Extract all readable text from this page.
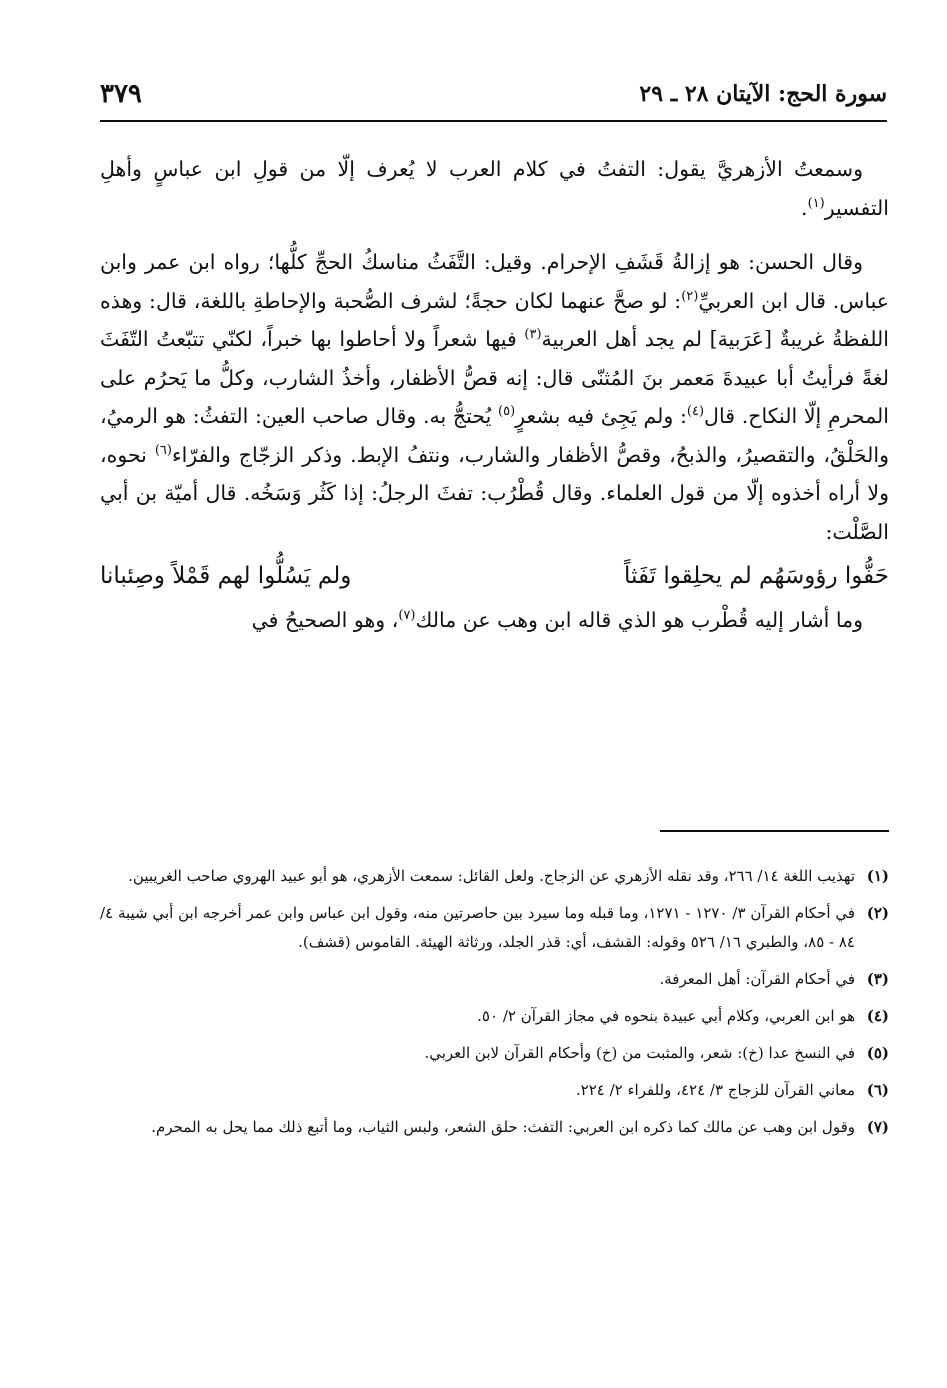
سورة الحج: الآيتان ٢٨ ـ ٢٩
٣٧٩

وسمعتُ الأزهريَّ يقول: التفتُ في كلام العرب لا يُعرف إلّا من قولِ ابن عباسٍ وأهلِ التفسير$^{(١)}$.

وقال الحسن: هو إزالةُ قَشَفِ الإحرام. وقيل: التَّفَثُ مناسكُ الحجِّ كلُّها؛ رواه ابن عمر وابن عباس. قال ابن العربيِّ$^{(٢)}$: لو صحَّ عنهما لكان حجةً؛ لشرف الصُّحبة والإحاطةِ باللغة، قال: وهذه اللفظةُ غريبةٌ [عَرَبية] لم يجد أهل العربية$^{(٣)}$ فيها شعراً ولا أحاطوا بها خبراً، لكنّي تتبّعتُ التّفَثَ لغةً فرأيتُ أبا عبيدةَ مَعمر بنَ المُثنّى قال: إنه قصُّ الأظفار، وأخذُ الشارب، وكلُّ ما يَحرُم على المحرمِ إلّا النكاح. قال$^{(٤)}$: ولم يَجِئ فيه بشعرٍ$^{(٥)}$ يُحتجُّ به. وقال صاحب العين: التفثُ: هو الرميُ، والحَلْقُ، والتقصيرُ، والذبحُ، وقصُّ الأظفار والشارب، ونتفُ الإبط. وذكر الزجّاج والفرّاء$^{(٦)}$ نحوه، ولا أراه أخذوه إلّا من قول العلماء. وقال قُطْرُب: تفثَ الرجلُ: إذا كَثُر وَسَخُه. قال أميّة بن أبي الصَّلْت:

حَفُّوا رؤوسَهُم لم يحلِقوا تَفَثاً
ولم يَسُلُّوا لهم قَمْلاً وصِئبانا

وما أشار إليه قُطْرب هو الذي قاله ابن وهب عن مالك$^{(٧)}$، وهو الصحيحُ في

(١)
تهذيب اللغة ١٤/ ٢٦٦، وقد نقله الأزهري عن الزجاج. ولعل القائل: سمعت الأزهري، هو أبو عبيد الهروي صاحب الغريبين.
(٢)
في أحكام القرآن ٣/ ١٢٧٠ - ١٢٧١، وما قبله وما سيرد بين حاصرتين منه، وقول ابن عباس وابن عمر أخرجه ابن أبي شيبة ٤/ ٨٤ - ٨٥، والطبري ١٦/ ٥٢٦ وقوله: القشف، أي: قذر الجلد، ورثاثة الهيئة. القاموس (قشف).
(٣)
في أحكام القرآن: أهل المعرفة.
(٤)
هو ابن العربي، وكلام أبي عبيدة بنحوه في مجاز القرآن ٢/ ٥٠.
(٥)
في النسخ عدا (خ): شعر، والمثبت من (خ) وأحكام القرآن لابن العربي.
(٦)
معاني القرآن للزجاج ٣/ ٤٢٤، وللفراء ٢/ ٢٢٤.
(٧)
وقول ابن وهب عن مالك كما ذكره ابن العربي: التفث: حلق الشعر، ولبس الثياب، وما أتبع ذلك مما يحل به المحرم.
